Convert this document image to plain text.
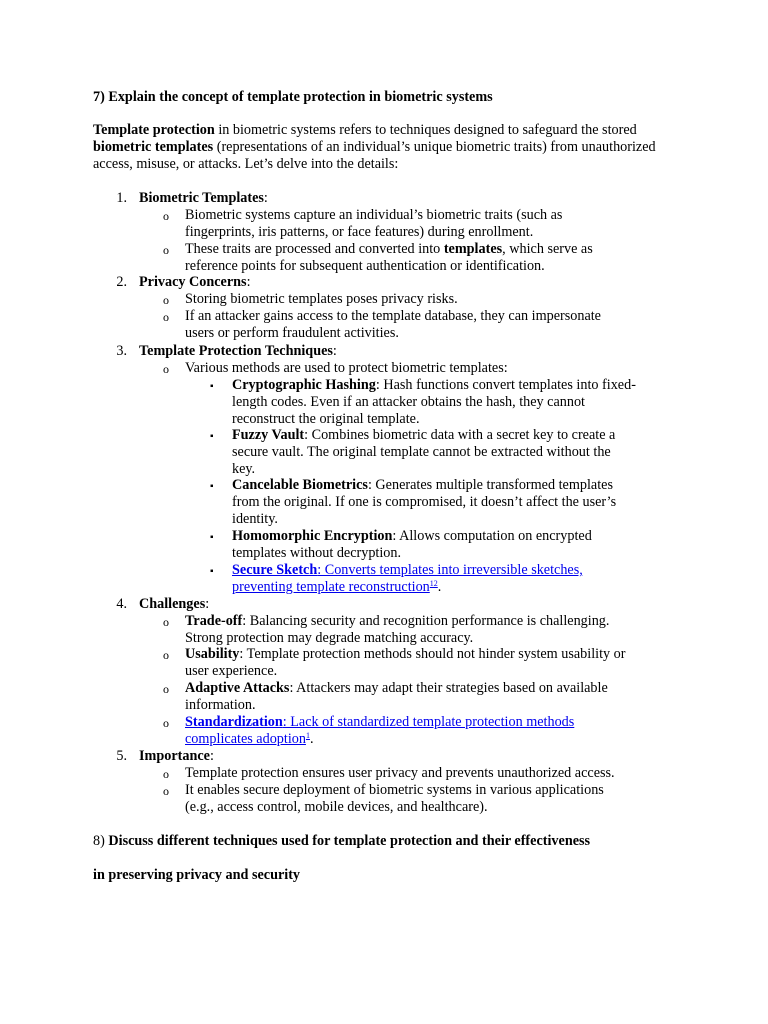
7) Explain the concept of template protection in biometric systems
Template protection in biometric systems refers to techniques designed to safeguard the stored biometric templates (representations of an individual’s unique biometric traits) from unauthorized access, misuse, or attacks. Let’s delve into the details:
1. Biometric Templates:
o Biometric systems capture an individual’s biometric traits (such as
fingerprints, iris patterns, or face features) during enrollment.
o These traits are processed and converted into templates, which serve as
reference points for subsequent authentication or identification.
2. Privacy Concerns:
o Storing biometric templates poses privacy risks.
o If an attacker gains access to the template database, they can impersonate
users or perform fraudulent activities.
3. Template Protection Techniques:
o Various methods are used to protect biometric templates:
▪ Cryptographic Hashing: Hash functions convert templates into fixed-
length codes. Even if an attacker obtains the hash, they cannot
reconstruct the original template.
▪ Fuzzy Vault: Combines biometric data with a secret key to create a
secure vault. The original template cannot be extracted without the
key.
▪ Cancelable Biometrics: Generates multiple transformed templates
from the original. If one is compromised, it doesn’t affect the user’s
identity.
▪ Homomorphic Encryption: Allows computation on encrypted
templates without decryption.
▪ Secure Sketch: Converts templates into irreversible sketches,
preventing template reconstruction$^{12}$.
4. Challenges:
o Trade-off: Balancing security and recognition performance is challenging.
Strong protection may degrade matching accuracy.
o Usability: Template protection methods should not hinder system usability or
user experience.
o Adaptive Attacks: Attackers may adapt their strategies based on available
information.
o Standardization: Lack of standardized template protection methods
complicates adoption$^1$.
5. Importance:
o Template protection ensures user privacy and prevents unauthorized access.
o It enables secure deployment of biometric systems in various applications
(e.g., access control, mobile devices, and healthcare).
8) Discuss different techniques used for template protection and their effectiveness
in preserving privacy and security
